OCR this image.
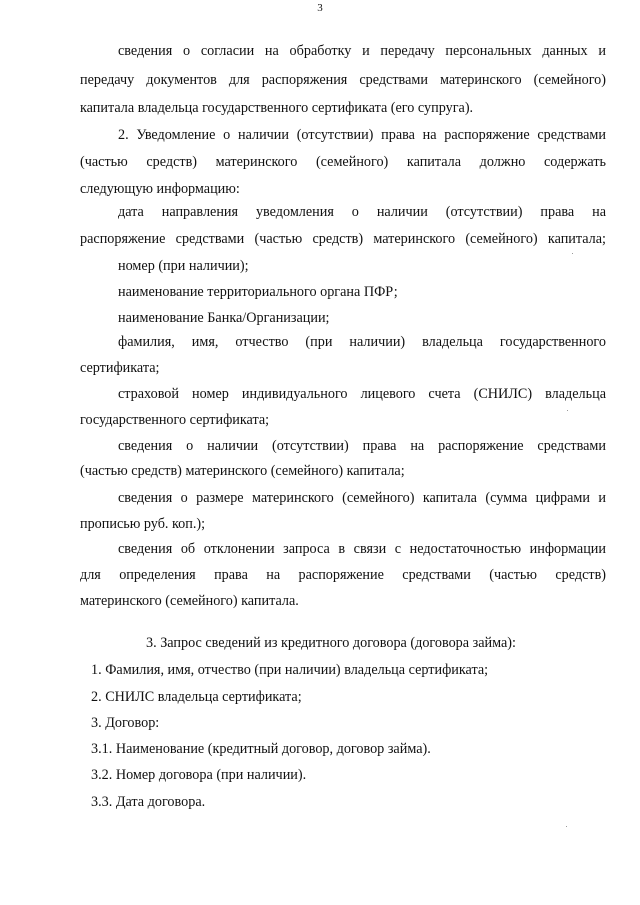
3
сведения о согласии на обработку и передачу персональных данных и
передачу документов для распоряжения средствами материнского (семейного)
капитала владельца государственного сертификата (его супруга).
2. Уведомление о наличии (отсутствии) права на распоряжение средствами
(частью средств) материнского (семейного) капитала должно содержать
следующую информацию:
дата направления уведомления о наличии (отсутствии) права на
распоряжение средствами (частью средств) материнского (семейного) капитала;
номер (при наличии);
наименование территориального органа ПФР;
наименование Банка/Организации;
фамилия, имя, отчество (при наличии) владельца государственного
сертификата;
страховой номер индивидуального лицевого счета (СНИЛС) владельца
государственного сертификата;
сведения о наличии (отсутствии) права на распоряжение средствами
(частью средств) материнского (семейного) капитала;
сведения о размере материнского (семейного) капитала (сумма цифрами и
прописью руб. коп.);
сведения об отклонении запроса в связи с недостаточностью информации
для определения права на распоряжение средствами (частью средств)
материнского (семейного) капитала.
3. Запрос сведений из кредитного договора (договора займа):
1. Фамилия, имя, отчество (при наличии) владельца сертификата;
2. СНИЛС владельца сертификата;
3. Договор:
3.1. Наименование (кредитный договор, договор займа).
3.2. Номер договора (при наличии).
3.3. Дата договора.
